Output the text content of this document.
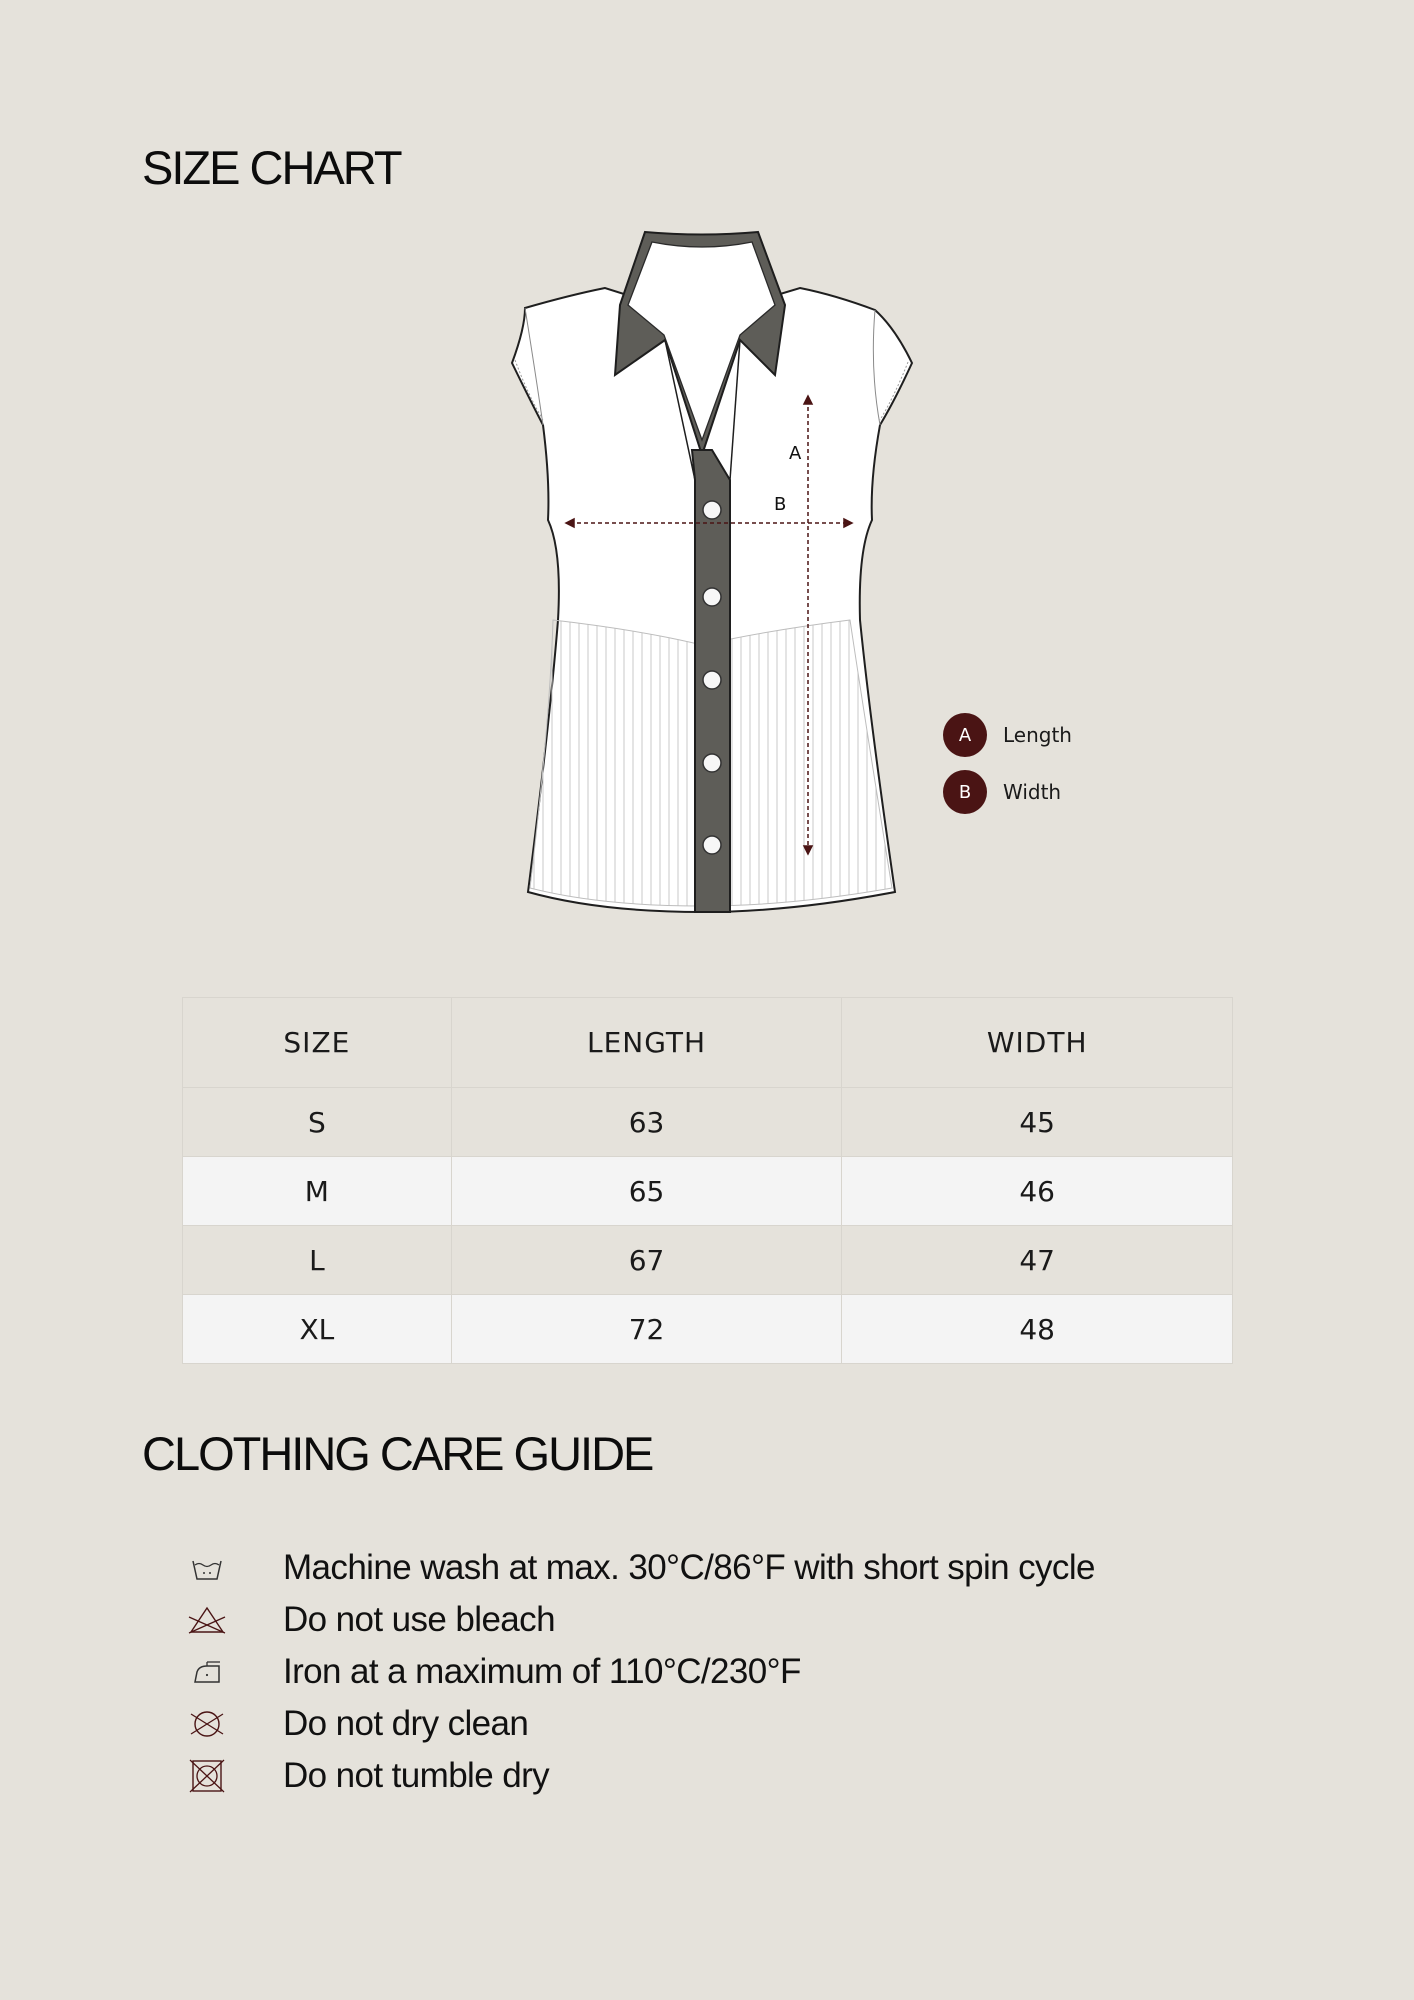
SIZE CHART
A
B
A	Length
B	Width
SIZE	LENGTH	WIDTH
S	63	45
M	65	46
L	67	47
XL	72	48
CLOTHING CARE GUIDE
Machine wash at max. 30°C/86°F with short spin cycle
Do not use bleach
Iron at a maximum of 110°C/230°F
Do not dry clean
Do not tumble dry
